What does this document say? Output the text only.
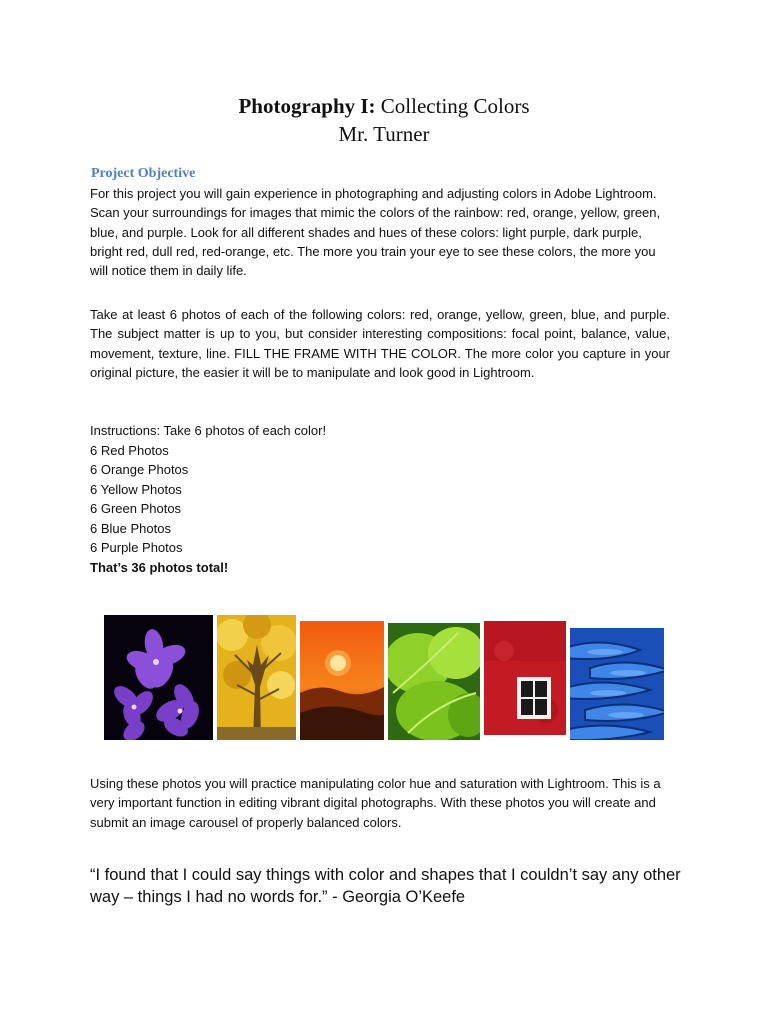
Photography I: Collecting Colors
Mr. Turner
Project Objective
For this project you will gain experience in photographing and adjusting colors in Adobe Lightroom. Scan your surroundings for images that mimic the colors of the rainbow: red, orange, yellow, green, blue, and purple. Look for all different shades and hues of these colors: light purple, dark purple, bright red, dull red, red-orange, etc. The more you train your eye to see these colors, the more you will notice them in daily life.
Take at least 6 photos of each of the following colors: red, orange, yellow, green, blue, and purple. The subject matter is up to you, but consider interesting compositions: focal point, balance, value, movement, texture, line. FILL THE FRAME WITH THE COLOR. The more color you capture in your original picture, the easier it will be to manipulate and look good in Lightroom.
Instructions: Take 6 photos of each color!
6 Red Photos
6 Orange Photos
6 Yellow Photos
6 Green Photos
6 Blue Photos
6 Purple Photos
That’s 36 photos total!
Using these photos you will practice manipulating color hue and saturation with Lightroom. This is a very important function in editing vibrant digital photographs. With these photos you will create and submit an image carousel of properly balanced colors.
“I found that I could say things with color and shapes that I couldn’t say any other way – things I had no words for.” - Georgia O’Keefe
